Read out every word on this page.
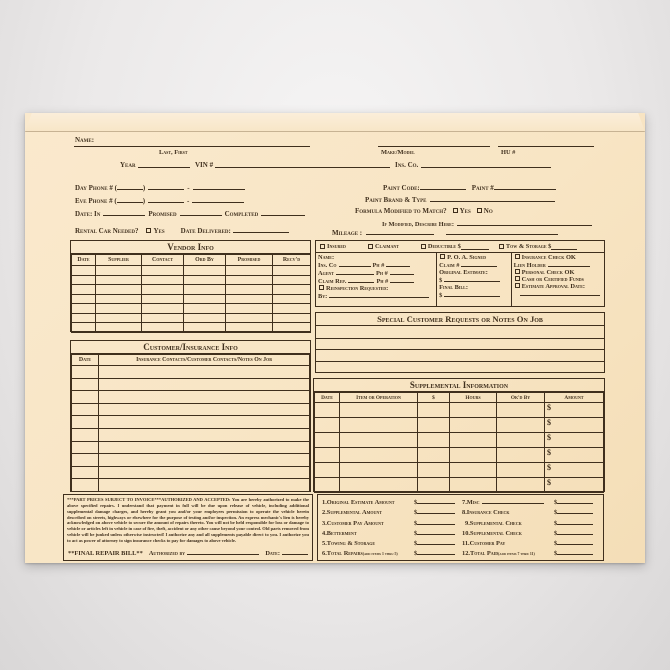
Name:
Last, First	Make/Model	HU #
Year	VIN #	Ins. Co.
Day Phone # (	)	-
Eve Phone # (	)	-
Date: In	Promised	Completed
Rental Car Needed? Yes Date Delivered:
Paint Code:	Paint #
Paint Brand & Type
Formula Modified to Match? Yes No
If Modified, Describe Here:
Mileage :
Vendor Info
Date	Supplier	Contact	Ord By	Promised	Recv'd

Insured	Claimant	Deductible $	Tow & Storage $
Name:
Ins. Co	Ph #
Agent	Ph #
Claim Rep.	Ph #
Reinspection Requested:
By:
P. O. A. Signed
Claim #
Original Estimate:
$
Final Bill:
$
Insurance Check OK
Lien Holder
Personal Check OK
Cash or Certified Funds
Estimate Approval Date:
Special Customer Requests or Notes On Job
Customer/Insurance Info
Date	Insurance Contacts/Customer Contacts/Notes On Job

Supplemental Information
Date	Item or Operation	$	Hours	Ok'd By	Amount
					$
					$
					$
					$
					$
					$
***PART PRICES SUBJECT TO INVOICE***AUTHORIZED AND ACCEPTED: You are hereby authorized to make the above specified repairs. I understand that payment in full will be due upon release of vehicle, including additional supplemental damage charges, and hereby grant you and/or your employees permission to operate the vehicle herein described on streets, highways or elsewhere for the purpose of testing and/or inspection. An express mechanic's lien is hereby acknowledged on above vehicle to secure the amount of repairs thereto. You will not be held responsible for loss or damage to vehicle or articles left in vehicle in case of fire, theft, accident or any other cause beyond your control. Old parts removed from vehicle will be junked unless otherwise instructed! I authorize any and all supplements payable direct to you. I authorize you to act as power of attorney to sign insurance checks to pay for damages to above vehicle.
**FINAL REPAIR BILL** Authorized by	Date:
1.Original Estimate Amount	$	7.Misc	$
2.Supplemental Amount	$	8.Insurance Check	$
3.Customer Pay Amount	$	9.Supplemental Check	$
4.Betterment	$	10.Supplemental Check	$
5.Towing & Storage	$	11.Customer Pay	$
6.Total Repairs(add items 1 thru 5)	$	12.Total Paid(add items 7 thru 11)	$
